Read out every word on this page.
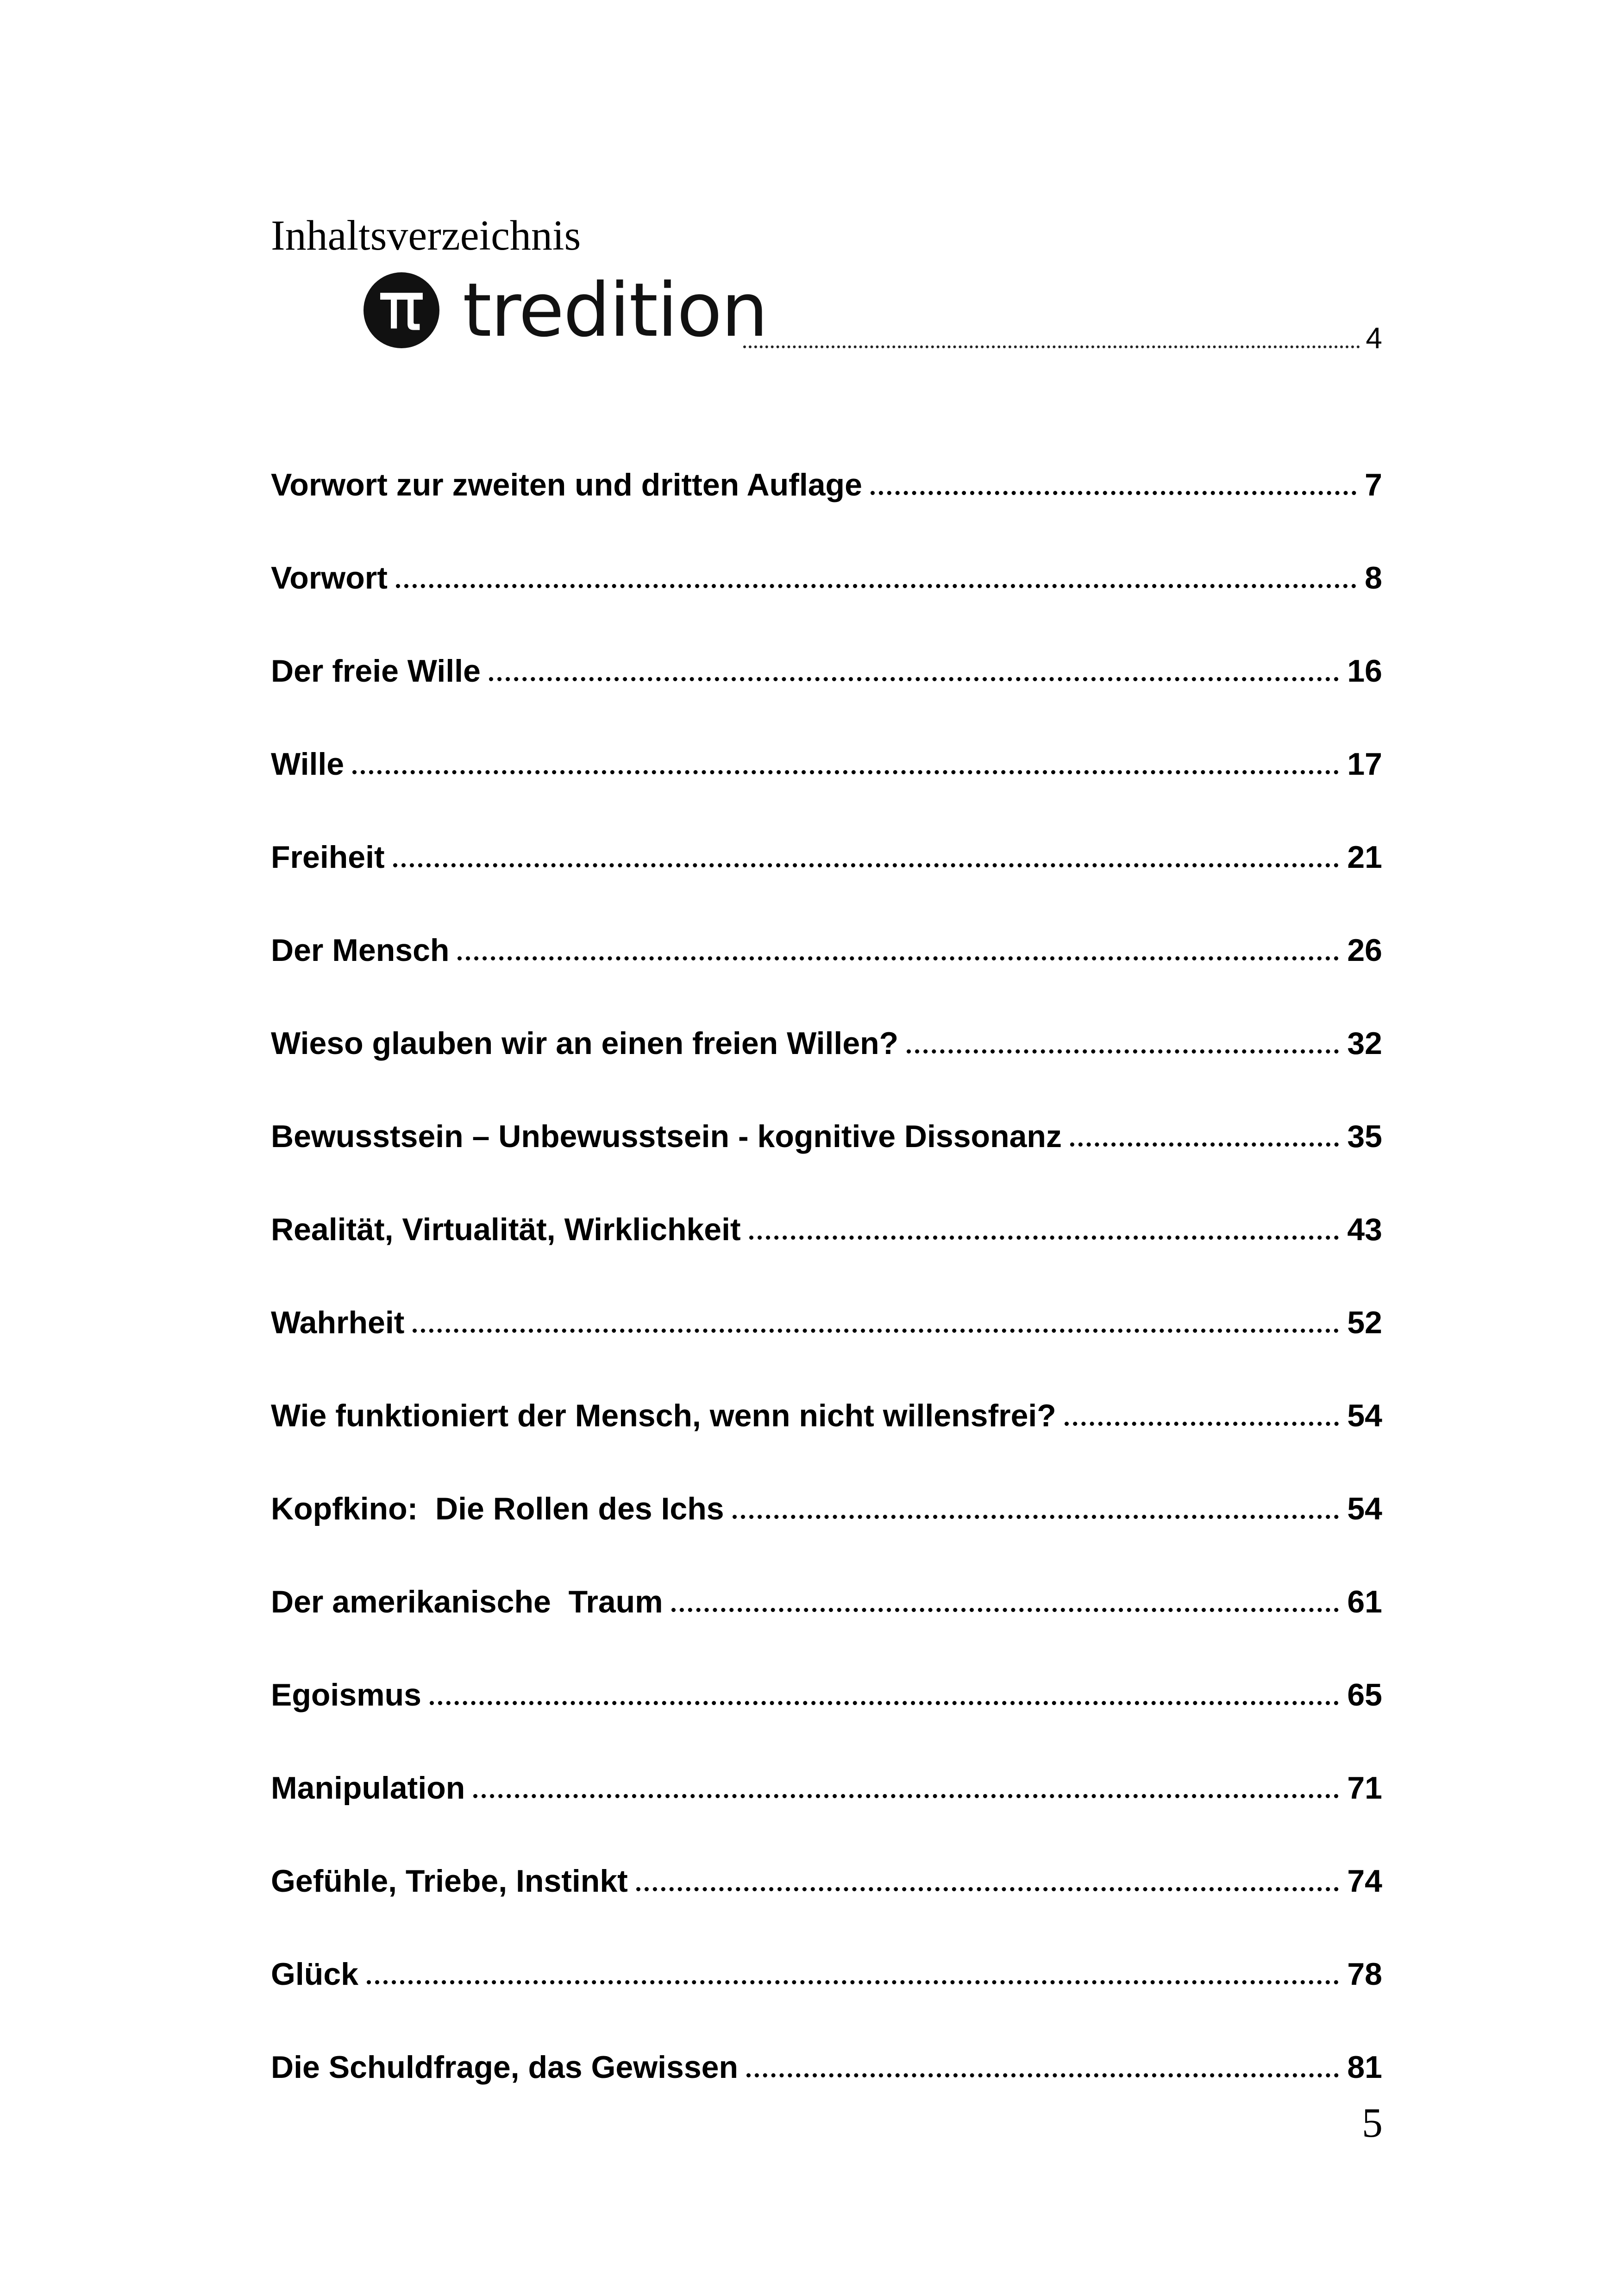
Inhaltsverzeichnis
tredition	4
Vorwort zur zweiten und dritten Auflage	7
Vorwort	8
Der freie Wille	16
Wille	17
Freiheit	21
Der Mensch	26
Wieso glauben wir an einen freien Willen?	32
Bewusstsein – Unbewusstsein - kognitive Dissonanz	35
Realität, Virtualität, Wirklichkeit	43
Wahrheit	52
Wie funktioniert der Mensch, wenn nicht willensfrei?	54
Kopfkino:  Die Rollen des Ichs	54
Der amerikanische  Traum	61
Egoismus	65
Manipulation	71
Gefühle, Triebe, Instinkt	74
Glück	78
Die Schuldfrage, das Gewissen	81
5
